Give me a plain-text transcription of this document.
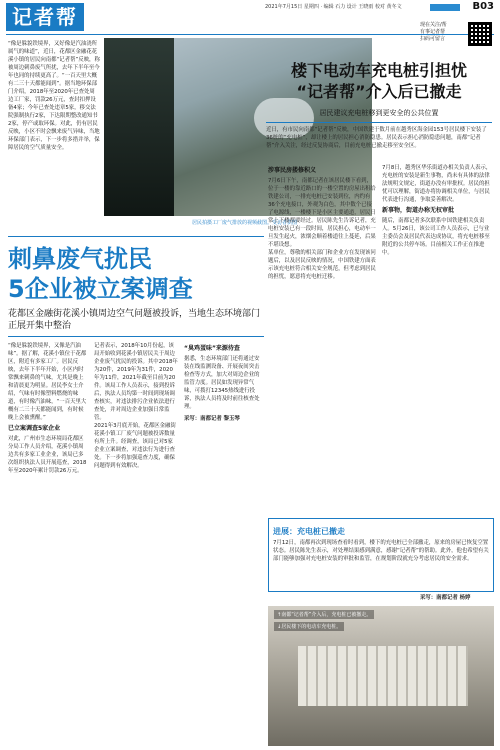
记者帮	2021年7月15日 星期四 · 编辑 石力 设计 王晓雨 校对 黄冬文	B03
“像是躲貌铁境界，又好像是汽油浇所属气的味道”，近日，花都区金融花花溪小镇的居民向南都“记者帮”反映，称被周边刺鼻废气所扰，去年下半年至今年也同的持续更高了。“一百天里大概有二三十天都能闻到”。据当地环保部门介绍，2018年至2020年已查处周边工厂家，罚款26万元，查封扣押设备4家；今年已查处违章5家，移交法院强制执行2家，下达限期整改通知书2家，停产或取环保。对此，仍有居民反映，小区不时会飘来废气异味，当地环保部门表示，下一步将多措并举，保障居民的空气质量安全。
居民拍摄工厂废气排放的视频截图。受访者供图
现在关注/帮
有事记者帮
扫码可留言
楼下电动车充电桩引担忧
“记者帮”介入后已撤走
居民建议充电桩移到更安全的公共位置
近日，有市民向南都“记者帮”反映，中国铁建于数月前在越秀区海金园153号居民楼下安装了36桩的“充电桩”，却让楼上的居民担心消防隐患。居民表示担心消防隐患问题，南都“记者帮”介入关注，经过反复协商后，目前充电桩已撤走移至安全区。
刺鼻废气扰民
5企业被立案调查
花都区金融街花溪小镇周边空气问题被投诉，当地生态环境部门正展开集中整治
“像是躲貌铁境界，又像是汽油味”。据了解，花溪小镇位于花都区，附近有多家工厂。居民反映，去年下半年开始，小区内时常飘来刺鼻的气味，尤其是晚上和清晨更为明显。居民李女士介绍，气味有时像塑料燃烧的味道，有时像汽油味，“一百天里大概有二三十天都能闻到，有时候晚上会被熏醒。”
已立案调查5家企业
对此，广州市生态环境局花都区分局工作人员介绍，花溪小镇周边共有多家工业企业，该局已多次组织执法人员开展巡查，2018年至2020年累计罚款26万元。
记者表示，2018年10月份起，该局开始收到花溪小镇居民关于周边企业废气扰民的投诉。其中2018年为20件，2019年为31件，2020年为11件，2021年截至目前为20件。该局工作人员表示，接到投诉后，执法人员均第一时间到现场调查核实，对违法排污企业依法进行查处，并对周边企业加强日常监管。
2021年3月底开始，花都区金融街花溪小镇工厂废气问题被投诉数量有所上升。经调查，该局已对5家企业立案调查，对违法行为进行查处。下一步将加强巡查力度，确保问题得到有效解决。
“臭鸡蛋味”来源待查
据悉，生态环境部门还将通过安装在线监测设备、开展夜间突击检查等方式，加大对周边企业的监管力度。居民如发现异常气味，可拨打12345热线进行投诉，执法人员将及时前往核查处理。
采写：南都记者 黎玉琴
涉事民房搂修积义
7月6日下午，南都记者在该居民楼下看到，位于一楼的靠近路口的一楼空置的房屋出租给铁建公司，一排充电桩已安装到位，内约有36个充电接口，外观为白色，其中数个已接了电源线，一楼楼下是小区主要通道，居民日常上下楼都要经过。居民陈先生告诉记者，充电桩安装已有一段时间，居民担心，电动车一旦发生起火，浓烟会顺着楼道往上蔓延，后果不堪设想。
某单位，尊敬的相关部门和企业方在发现该问题后，以及居民反映的情况，中国铁建方面表示该充电桩符合相关安全规范，但考虑到居民的担忧，愿意将充电桩迁移。
7月8日，越秀区华乐街道办相关负责人表示，充电桩的安装是新生事物，尚未有具体的法律法规明文规定，街道办没有审批权。居民的担忧可以理解，街道办将协调相关单位，与居民代表进行沟通，争取妥善解决。
新事物，街道办称无权审批
随后，南都记者多次联系中国铁建相关负责人。5月26日，该公司工作人员表示，已与业主委员会及居民代表达成协议，将充电桩移至附近的公共停车场。目前相关工作正在推进中。
进展：充电桩已撤走
7月12日，南都再次到现场查看时看到，楼下的充电桩已全部撤走，原来的房屋已恢复空置状态。居民陈先生表示，对处理结果感到满意，感谢“记者帮”的帮助。此外，他也希望有关部门能够加强对充电桩安装的审批和监管，在规划阶段就充分考虑居民的安全需求。
采写：南都记者 杨婷
↑南都“记者帮”介入后，充电桩已被撤走。
↓居民楼下的电动车充电桩。
